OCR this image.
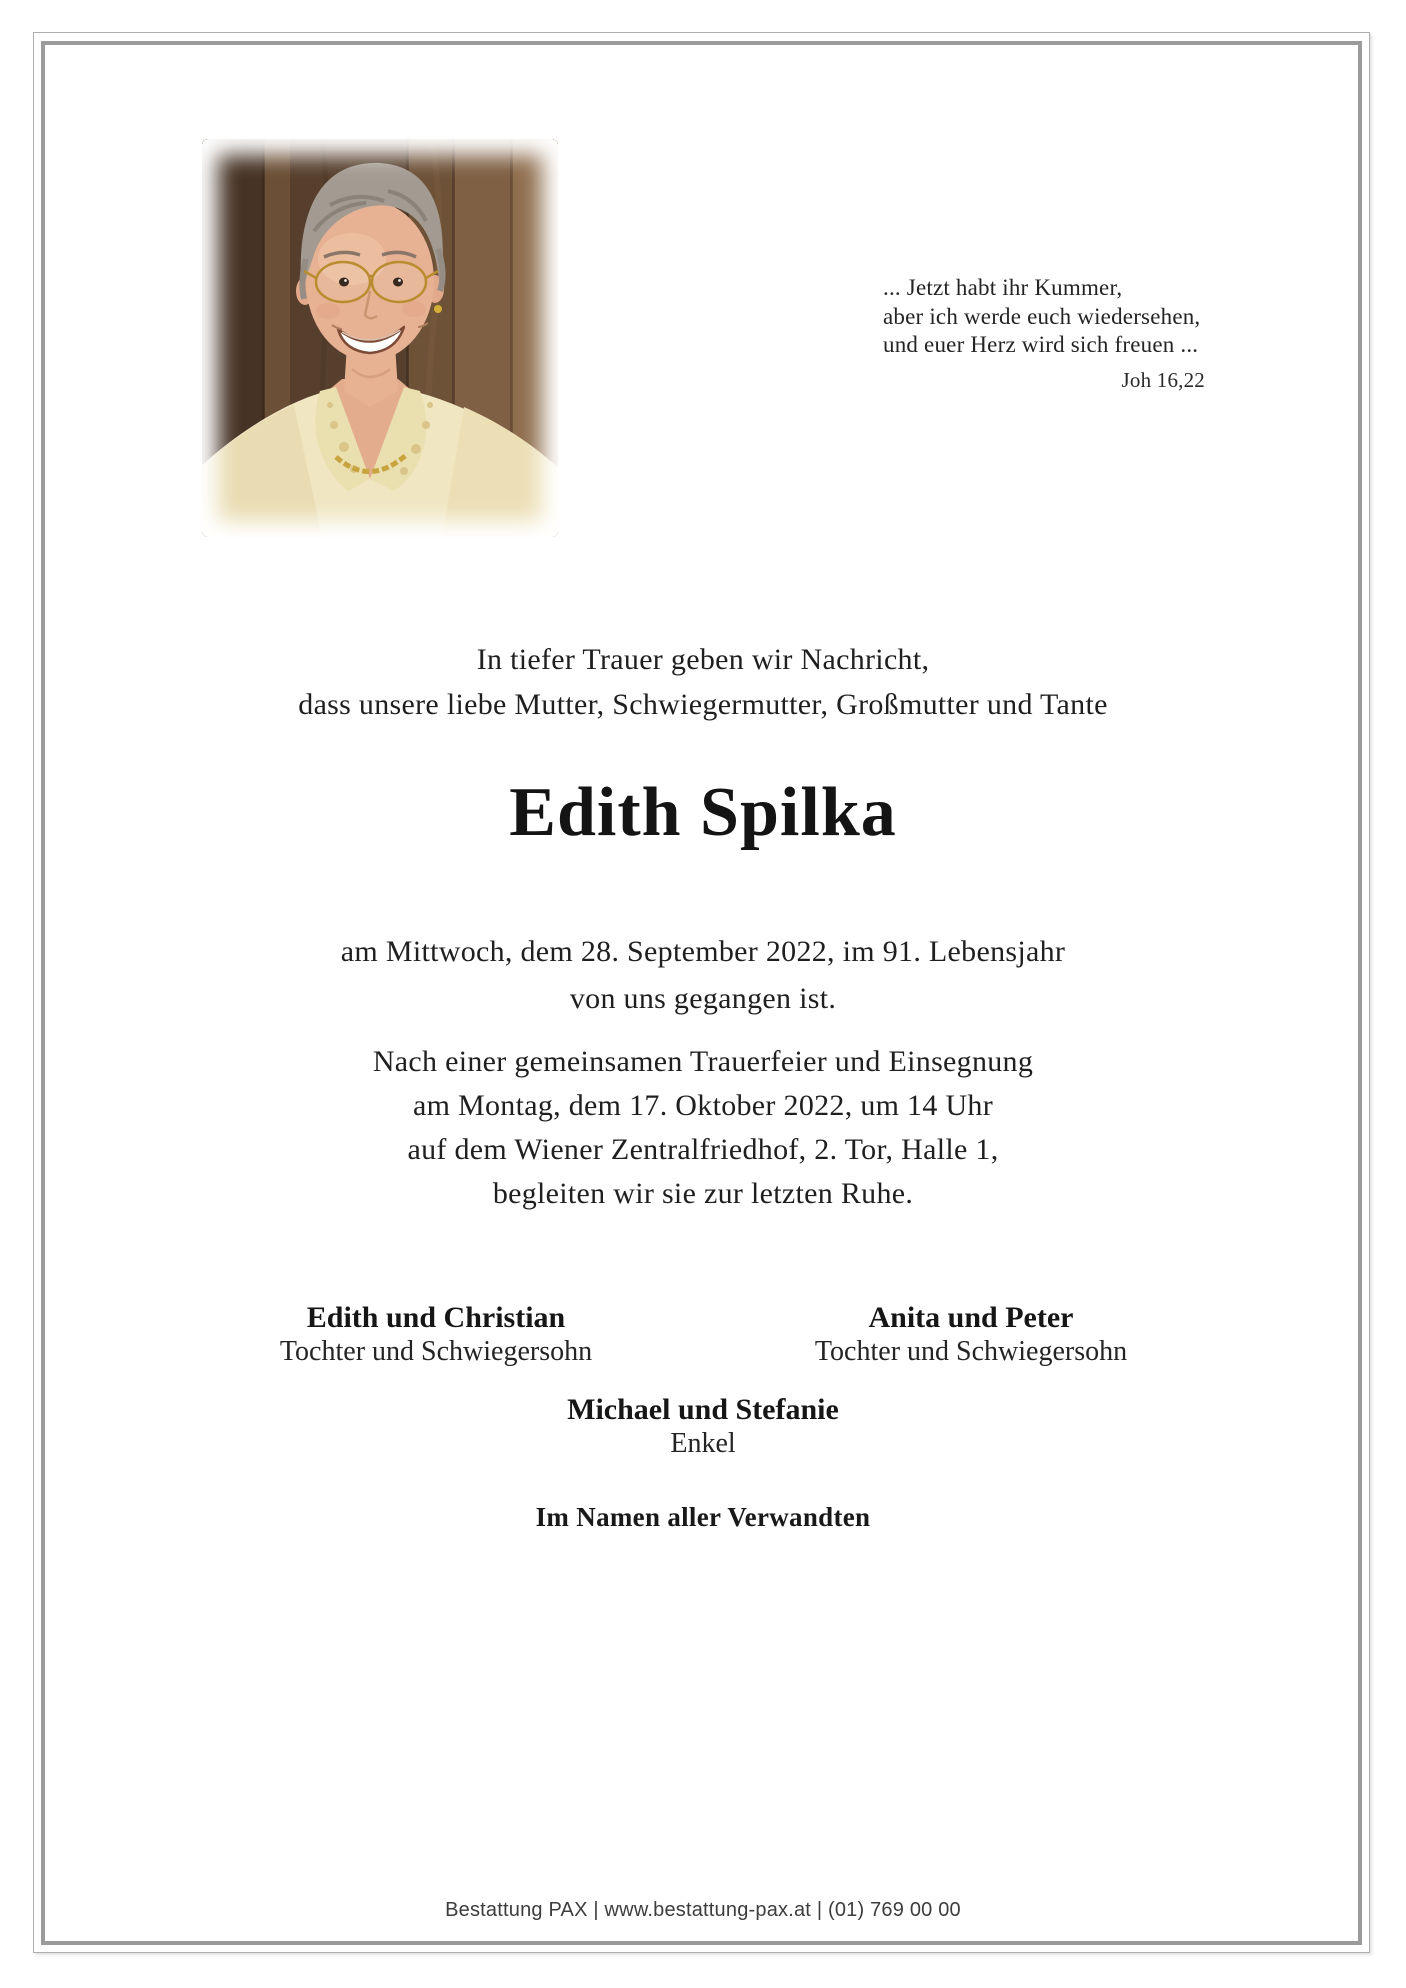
... Jetzt habt ihr Kummer,
aber ich werde euch wiedersehen,
und euer Herz wird sich freuen ...
Joh 16,22
In tiefer Trauer geben wir Nachricht,
dass unsere liebe Mutter, Schwiegermutter, Großmutter und Tante
Edith Spilka
am Mittwoch, dem 28. September 2022, im 91. Lebensjahr
von uns gegangen ist.
Nach einer gemeinsamen Trauerfeier und Einsegnung
am Montag, dem 17. Oktober 2022, um 14 Uhr
auf dem Wiener Zentralfriedhof, 2. Tor, Halle 1,
begleiten wir sie zur letzten Ruhe.
Edith und Christian
Tochter und Schwiegersohn
Anita und Peter
Tochter und Schwiegersohn
Michael und Stefanie
Enkel
Im Namen aller Verwandten
Bestattung PAX | www.bestattung-pax.at | (01) 769 00 00
